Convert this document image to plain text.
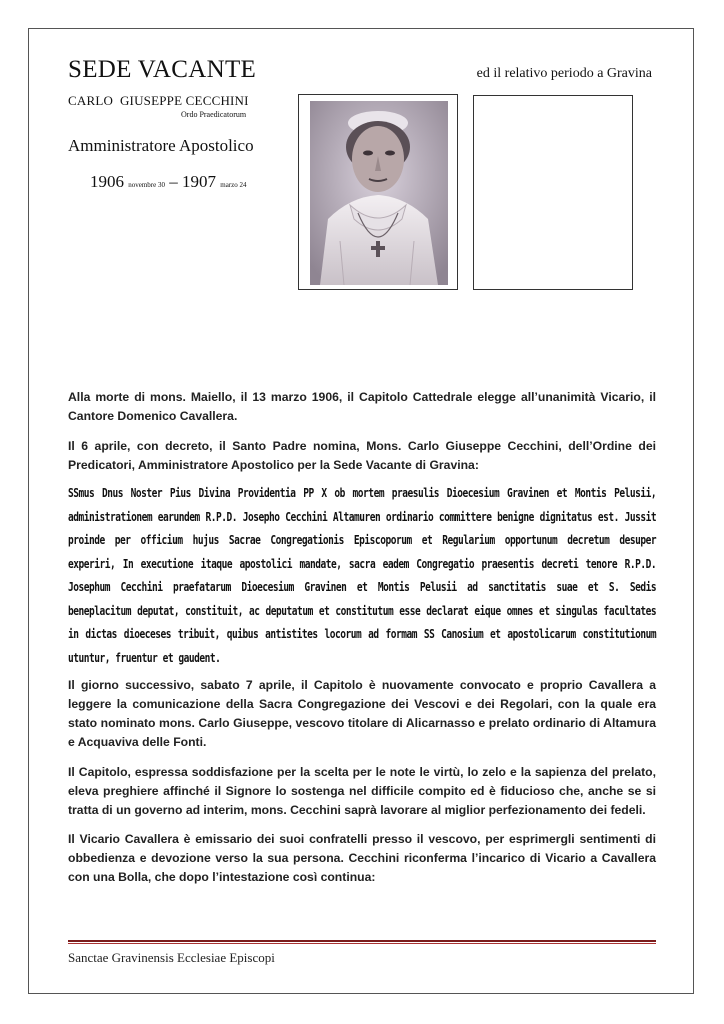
SEDE VACANTE	ed il relativo periodo a Gravina
CARLO  GIUSEPPE CECCHINI
Ordo Praedicatorum
Amministratore Apostolico
1906 novembre 30 – 1907 marzo 24

Alla morte di mons. Maiello, il 13 marzo 1906, il Capitolo Cattedrale elegge all’unanimità Vicario, il Cantore Domenico Cavallera.

Il 6 aprile, con decreto, il Santo Padre nomina, Mons. Carlo Giuseppe Cecchini, dell’Ordine dei Predicatori, Amministratore Apostolico per la Sede Vacante di Gravina:

SSmus Dnus Noster Pius Divina Providentia PP X ob mortem praesulis Dioecesium Gravinen et Montis Pelusii, administrationem earundem R.P.D. Josepho Cecchini Altamuren ordinario committere benigne dignitatus est. Jussit proinde per officium hujus Sacrae Congregationis Episcoporum et Regularium opportunum decretum desuper experiri, In executione itaque apostolici mandate, sacra eadem Congregatio praesentis decreti tenore R.P.D. Josephum Cecchini praefatarum Dioecesium Gravinen et Montis Pelusii ad sanctitatis suae et S. Sedis beneplacitum deputat, constituit, ac deputatum et constitutum esse declarat eique omnes et singulas facultates in dictas dioeceses tribuit, quibus antistites locorum ad formam SS Canosium et apostolicarum constitutionum utuntur, fruentur et gaudent.

Il giorno successivo, sabato 7 aprile, il Capitolo è nuovamente convocato e proprio Cavallera a leggere la comunicazione della Sacra Congregazione dei Vescovi e dei Regolari, con la quale era stato nominato mons. Carlo Giuseppe, vescovo titolare di Alicarnasso e prelato ordinario di Altamura e Acquaviva delle Fonti.

Il Capitolo, espressa soddisfazione per la scelta per le note le virtù, lo zelo e la sapienza del prelato, eleva preghiere affinché il Signore lo sostenga nel difficile compito ed è fiducioso che, anche se si tratta di un governo ad interim, mons. Cecchini saprà lavorare al miglior perfezionamento dei fedeli.

Il Vicario Cavallera è emissario dei suoi confratelli presso il vescovo, per esprimergli sentimenti di obbedienza e devozione verso la sua persona. Cecchini riconferma l’incarico di Vicario a Cavallera con una Bolla, che dopo l’intestazione così continua:

Sanctae Gravinensis Ecclesiae Episcopi
